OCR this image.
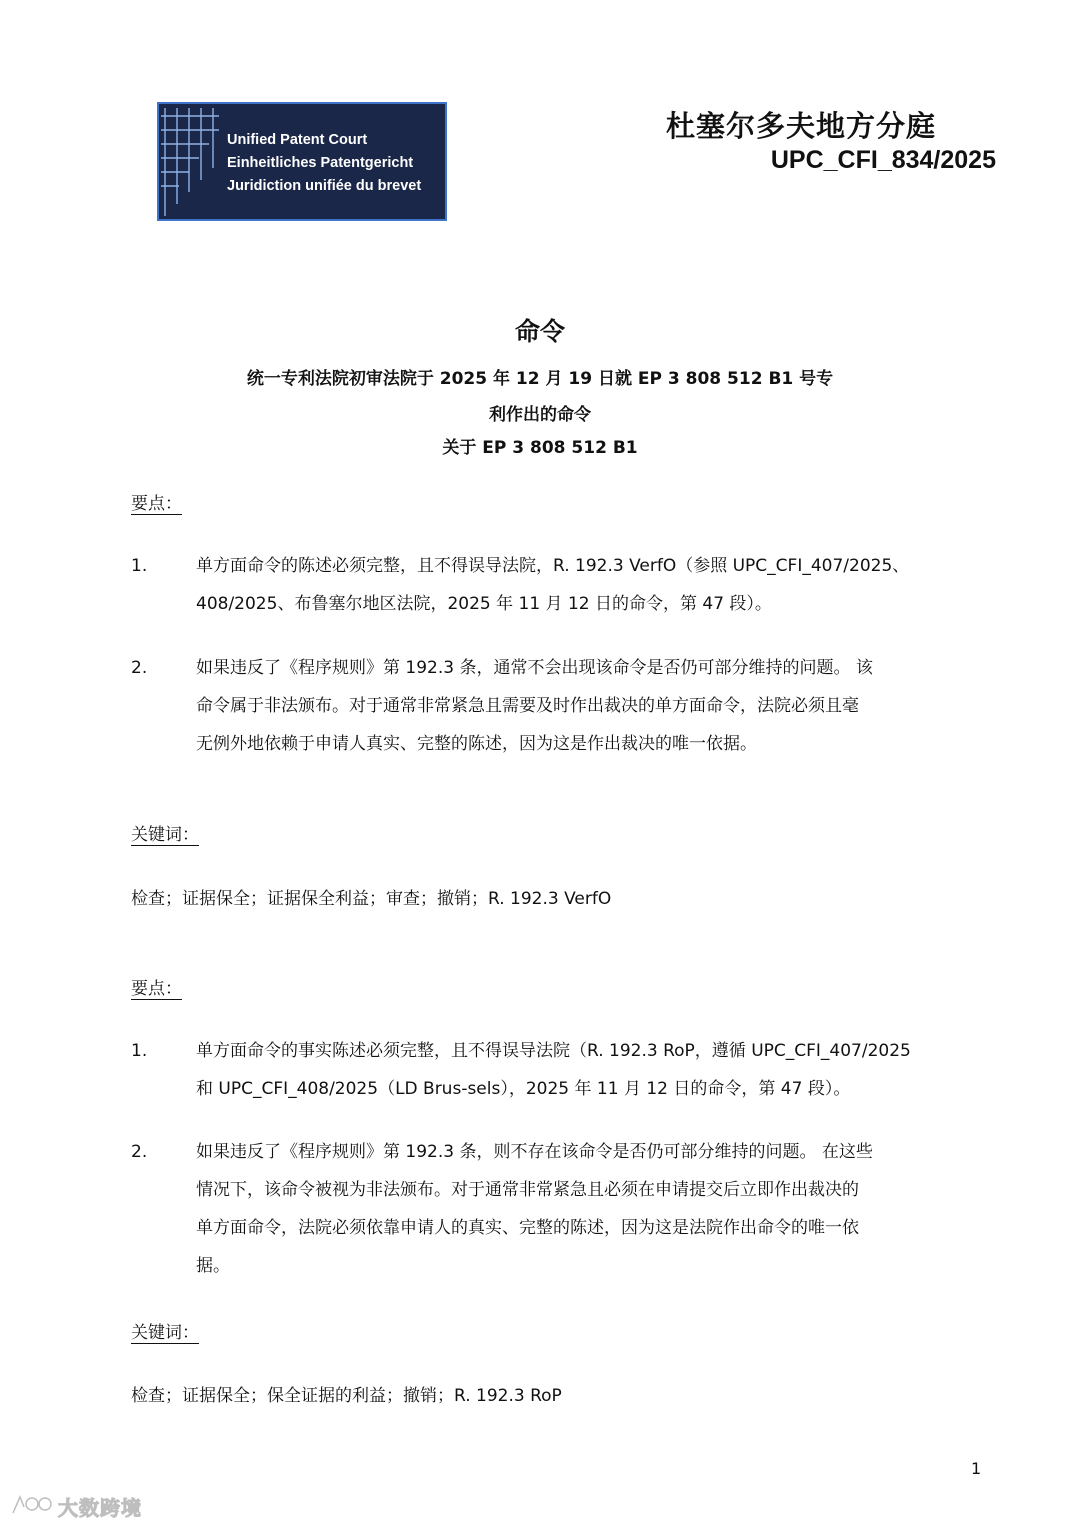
Unified Patent Court
Einheitliches Patentgericht
Juridiction unifiée du brevet
杜塞尔多夫地方分庭
UPC_CFI_834/2025
命令
统一专利法院初审法院于 2025 年 12 月 19 日就 EP 3 808 512 B1 号专
利作出的命令
关于 EP 3 808 512 B1
要点：
1.	单方面命令的陈述必须完整，且不得误导法院，R. 192.3 VerfO（参照 UPC_CFI_407/2025、
408/2025、布鲁塞尔地区法院，2025 年 11 月 12 日的命令，第 47 段）。
2.	如果违反了《程序规则》第 192.3 条，通常不会出现该命令是否仍可部分维持的问题。 该
命令属于非法颁布。对于通常非常紧急且需要及时作出裁决的单方面命令，法院必须且毫
无例外地依赖于申请人真实、完整的陈述，因为这是作出裁决的唯一依据。
关键词：
检查；证据保全；证据保全利益；审查；撤销；R. 192.3 VerfO
要点：
1.	单方面命令的事实陈述必须完整，且不得误导法院（R. 192.3 RoP，遵循 UPC_CFI_407/2025
和 UPC_CFI_408/2025（LD Brus-sels），2025 年 11 月 12 日的命令，第 47 段）。
2.	如果违反了《程序规则》第 192.3 条，则不存在该命令是否仍可部分维持的问题。 在这些
情况下，该命令被视为非法颁布。对于通常非常紧急且必须在申请提交后立即作出裁决的
单方面命令，法院必须依靠申请人的真实、完整的陈述，因为这是法院作出命令的唯一依
据。
关键词：
检查；证据保全；保全证据的利益；撤销；R. 192.3 RoP
1
大数跨境
